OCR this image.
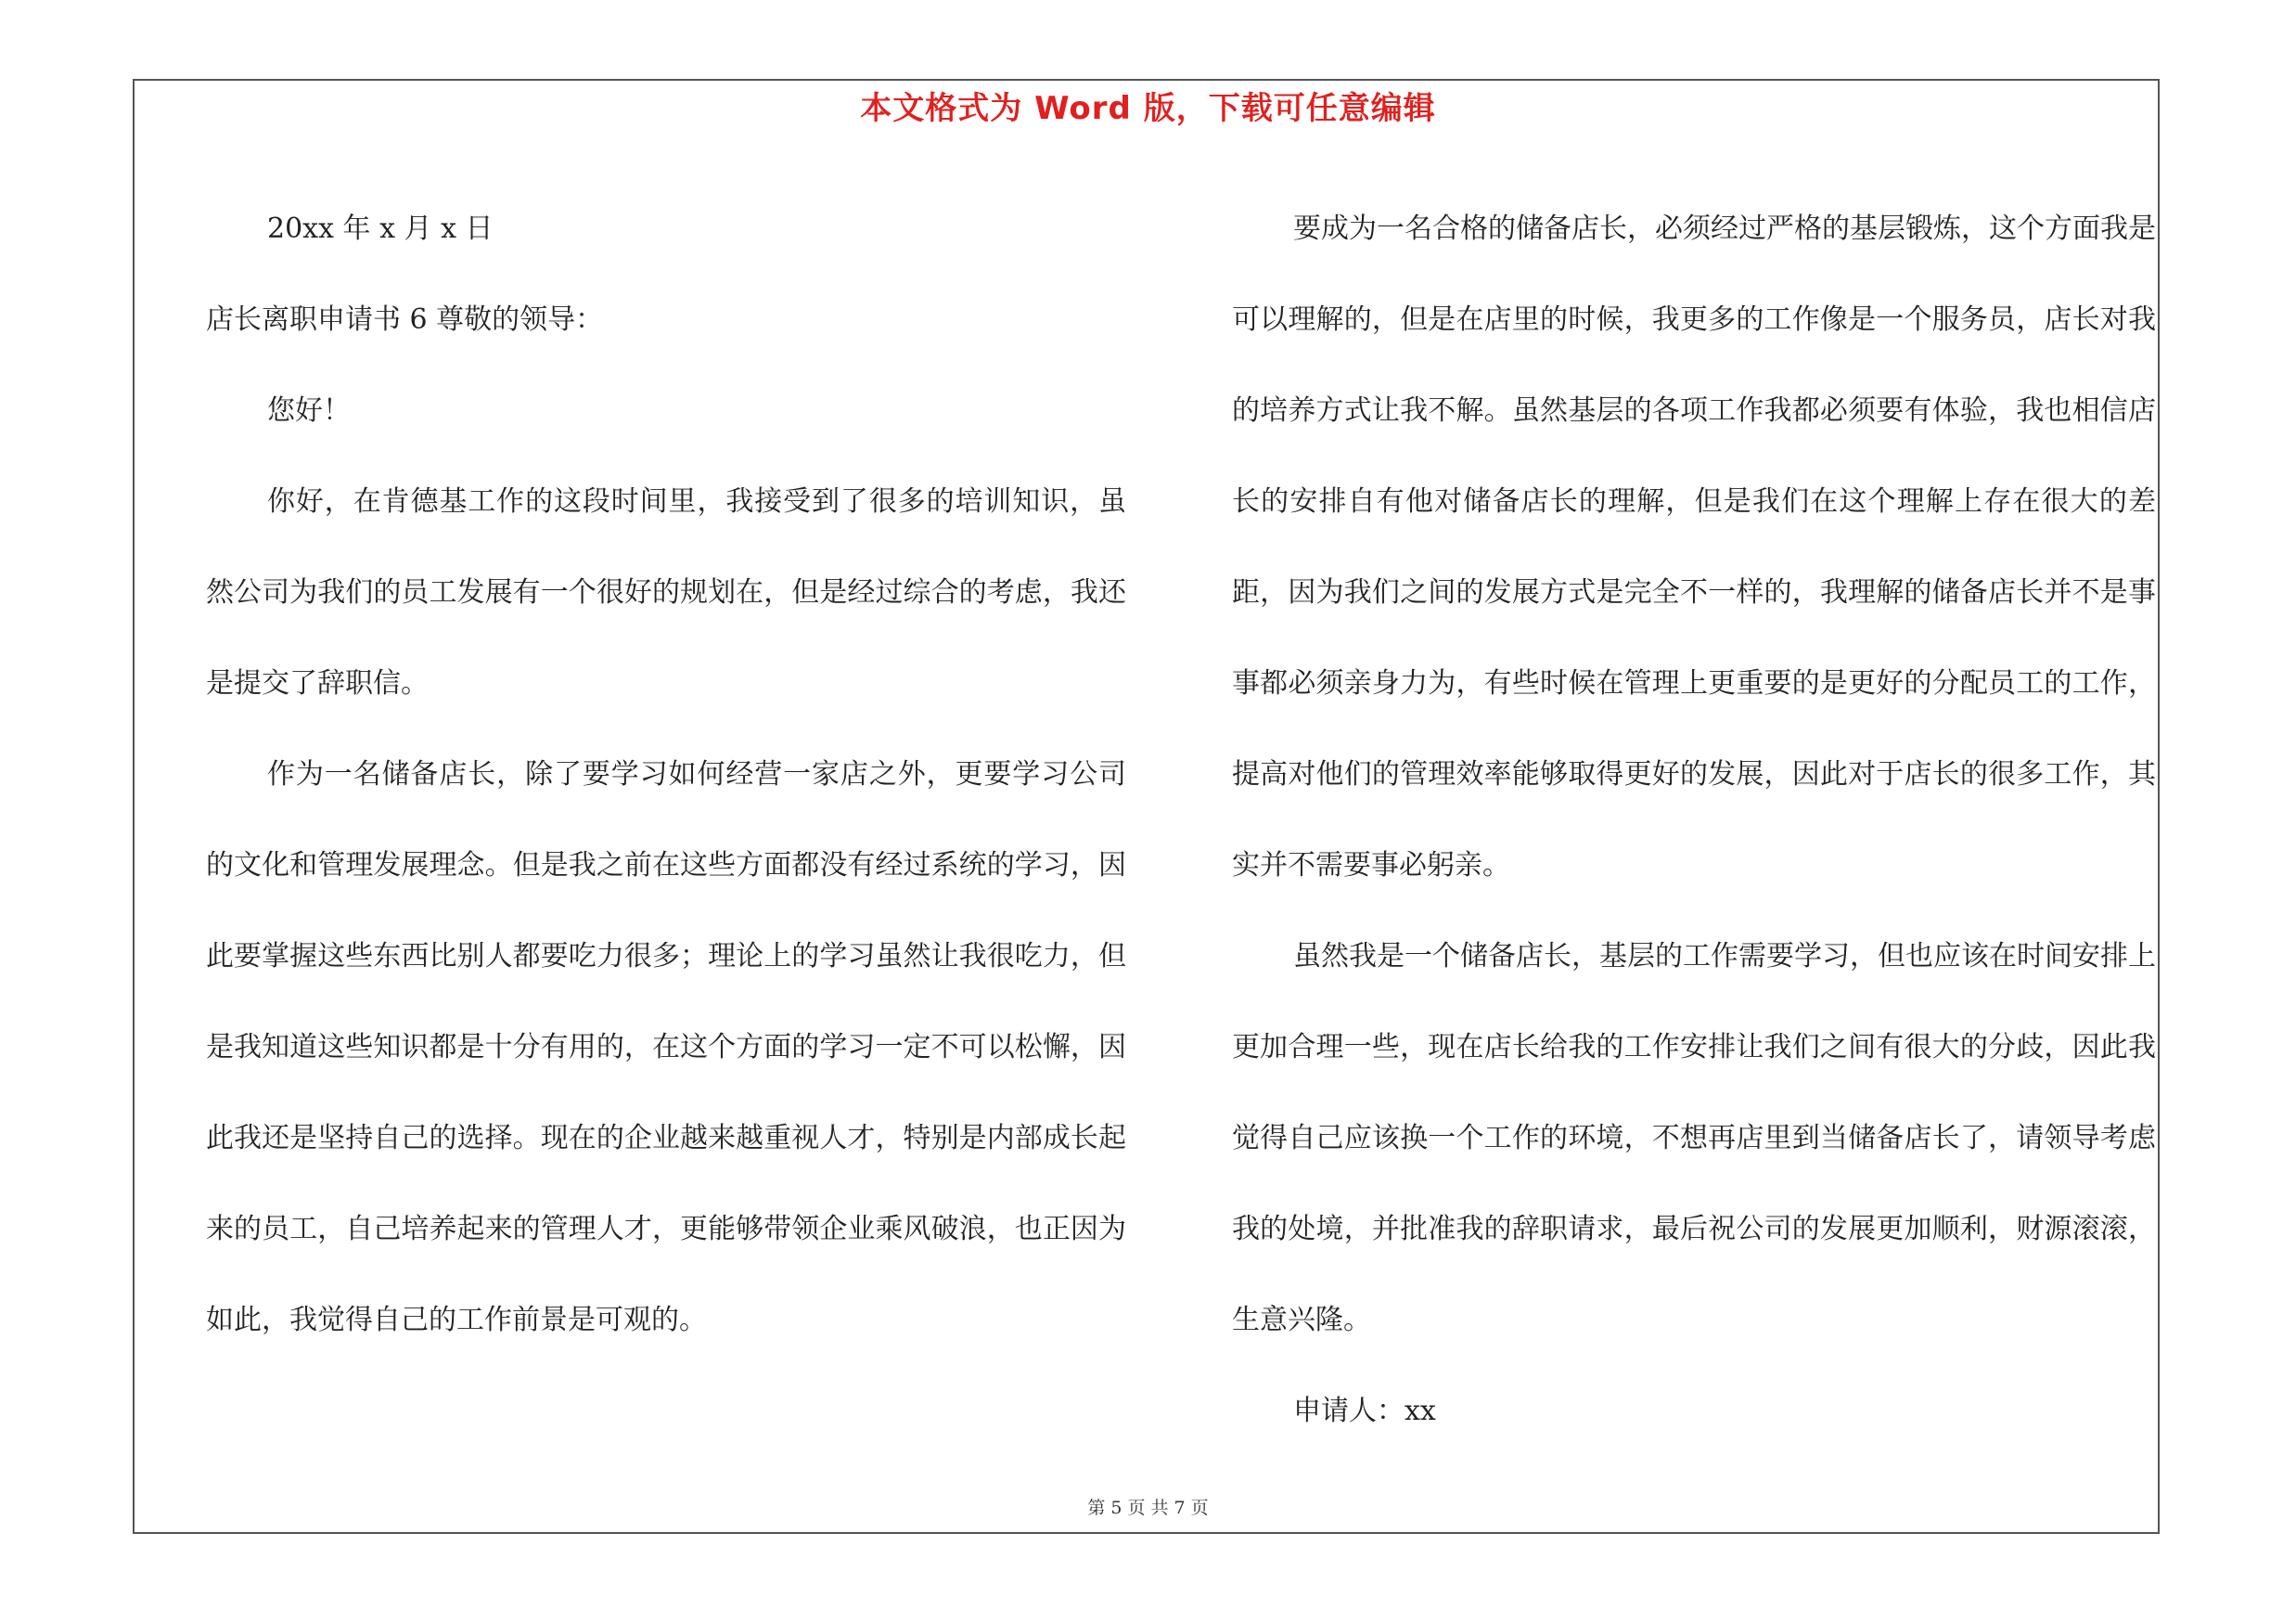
本文格式为 Word 版，下载可任意编辑

20xx 年 x 月 x 日

店长离职申请书 6 尊敬的领导：

您好！

你好，在肯德基工作的这段时间里，我接受到了很多的培训知识，虽然公司为我们的员工发展有一个很好的规划在，但是经过综合的考虑，我还是提交了辞职信。

作为一名储备店长，除了要学习如何经营一家店之外，更要学习公司的文化和管理发展理念。但是我之前在这些方面都没有经过系统的学习，因此要掌握这些东西比别人都要吃力很多；理论上的学习虽然让我很吃力，但是我知道这些知识都是十分有用的，在这个方面的学习一定不可以松懈，因此我还是坚持自己的选择。现在的企业越来越重视人才，特别是内部成长起来的员工，自己培养起来的管理人才，更能够带领企业乘风破浪，也正因为如此，我觉得自己的工作前景是可观的。

要成为一名合格的储备店长，必须经过严格的基层锻炼，这个方面我是可以理解的，但是在店里的时候，我更多的工作像是一个服务员，店长对我的培养方式让我不解。虽然基层的各项工作我都必须要有体验，我也相信店长的安排自有他对储备店长的理解，但是我们在这个理解上存在很大的差距，因为我们之间的发展方式是完全不一样的，我理解的储备店长并不是事事都必须亲身力为，有些时候在管理上更重要的是更好的分配员工的工作，提高对他们的管理效率能够取得更好的发展，因此对于店长的很多工作，其实并不需要事必躬亲。

虽然我是一个储备店长，基层的工作需要学习，但也应该在时间安排上更加合理一些，现在店长给我的工作安排让我们之间有很大的分歧，因此我觉得自己应该换一个工作的环境，不想再店里到当储备店长了，请领导考虑我的处境，并批准我的辞职请求，最后祝公司的发展更加顺利，财源滚滚，生意兴隆。

申请人：xx

第 5 页 共 7 页
